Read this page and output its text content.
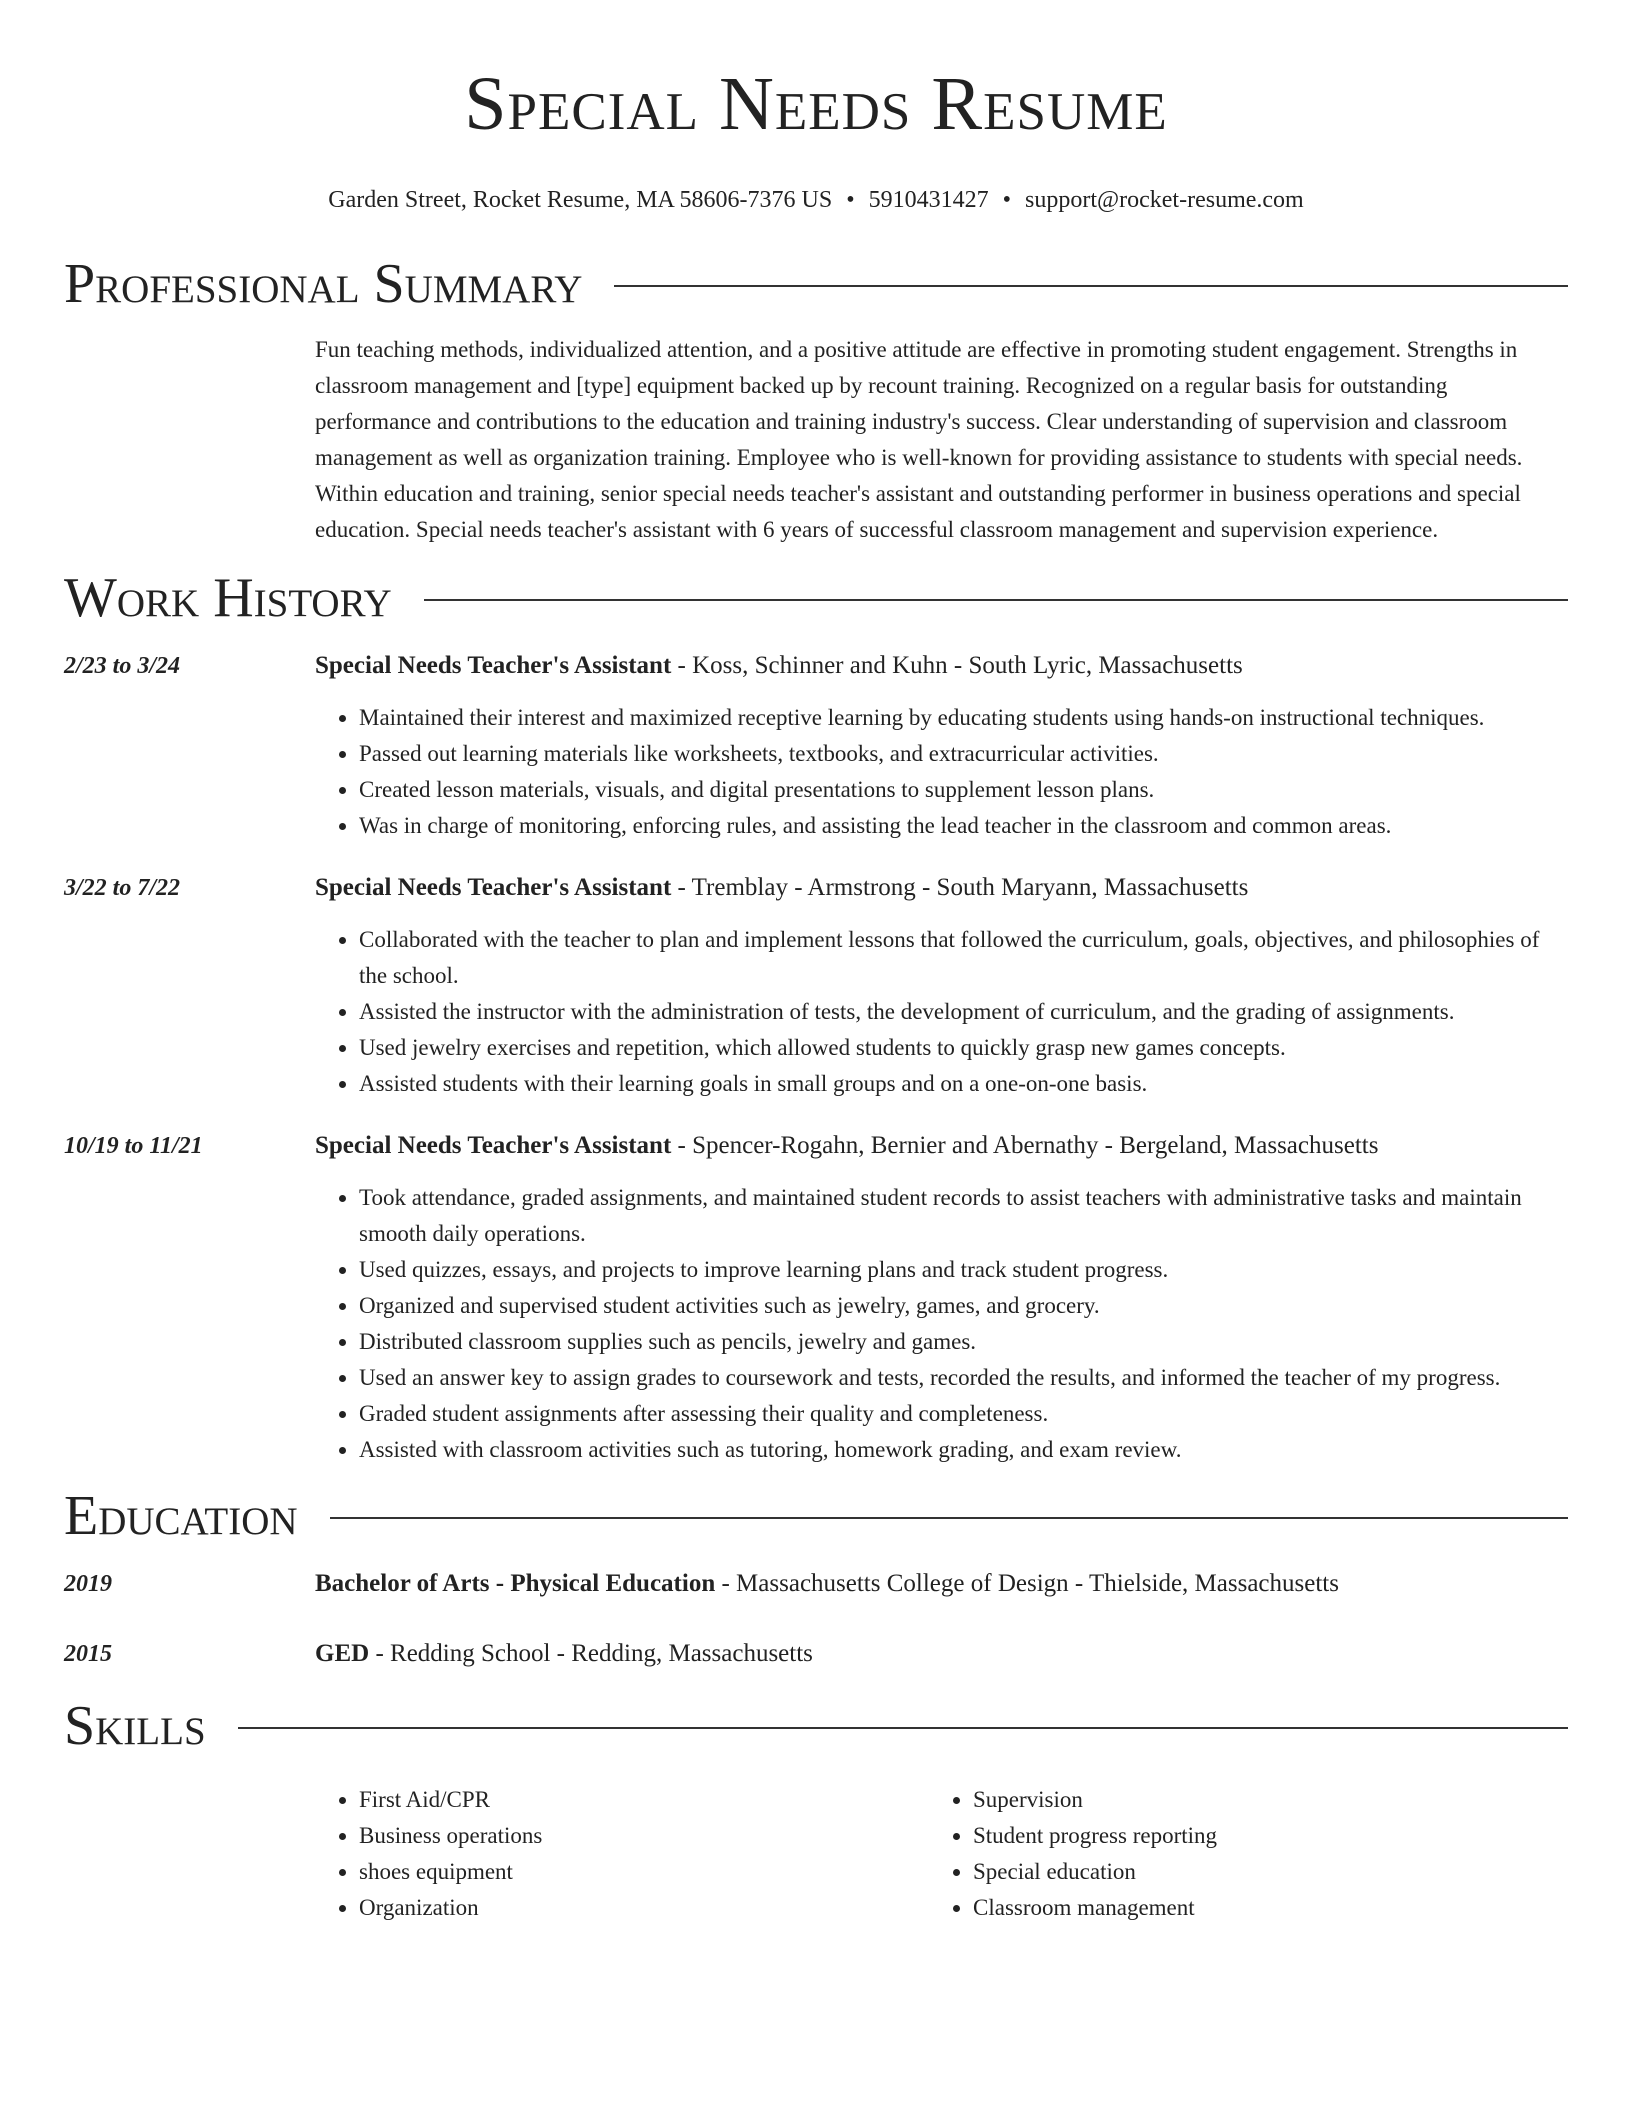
Special Needs Resume
Garden Street, Rocket Resume, MA 58606-7376 US • 5910431427 • support@rocket-resume.com
Professional Summary
Fun teaching methods, individualized attention, and a positive attitude are effective in promoting student engagement. Strengths in classroom management and [type] equipment backed up by recount training. Recognized on a regular basis for outstanding performance and contributions to the education and training industry's success. Clear understanding of supervision and classroom management as well as organization training. Employee who is well-known for providing assistance to students with special needs. Within education and training, senior special needs teacher's assistant and outstanding performer in business operations and special education. Special needs teacher's assistant with 6 years of successful classroom management and supervision experience.
Work History
2/23 to 3/24	Special Needs Teacher's Assistant - Koss, Schinner and Kuhn - South Lyric, Massachusetts
• Maintained their interest and maximized receptive learning by educating students using hands-on instructional techniques.
• Passed out learning materials like worksheets, textbooks, and extracurricular activities.
• Created lesson materials, visuals, and digital presentations to supplement lesson plans.
• Was in charge of monitoring, enforcing rules, and assisting the lead teacher in the classroom and common areas.
3/22 to 7/22	Special Needs Teacher's Assistant - Tremblay - Armstrong - South Maryann, Massachusetts
• Collaborated with the teacher to plan and implement lessons that followed the curriculum, goals, objectives, and philosophies of the school.
• Assisted the instructor with the administration of tests, the development of curriculum, and the grading of assignments.
• Used jewelry exercises and repetition, which allowed students to quickly grasp new games concepts.
• Assisted students with their learning goals in small groups and on a one-on-one basis.
10/19 to 11/21	Special Needs Teacher's Assistant - Spencer-Rogahn, Bernier and Abernathy - Bergeland, Massachusetts
• Took attendance, graded assignments, and maintained student records to assist teachers with administrative tasks and maintain smooth daily operations.
• Used quizzes, essays, and projects to improve learning plans and track student progress.
• Organized and supervised student activities such as jewelry, games, and grocery.
• Distributed classroom supplies such as pencils, jewelry and games.
• Used an answer key to assign grades to coursework and tests, recorded the results, and informed the teacher of my progress.
• Graded student assignments after assessing their quality and completeness.
• Assisted with classroom activities such as tutoring, homework grading, and exam review.
Education
2019	Bachelor of Arts - Physical Education - Massachusetts College of Design - Thielside, Massachusetts
2015	GED - Redding School - Redding, Massachusetts
Skills
• First Aid/CPR
• Business operations
• shoes equipment
• Organization
• Supervision
• Student progress reporting
• Special education
• Classroom management
